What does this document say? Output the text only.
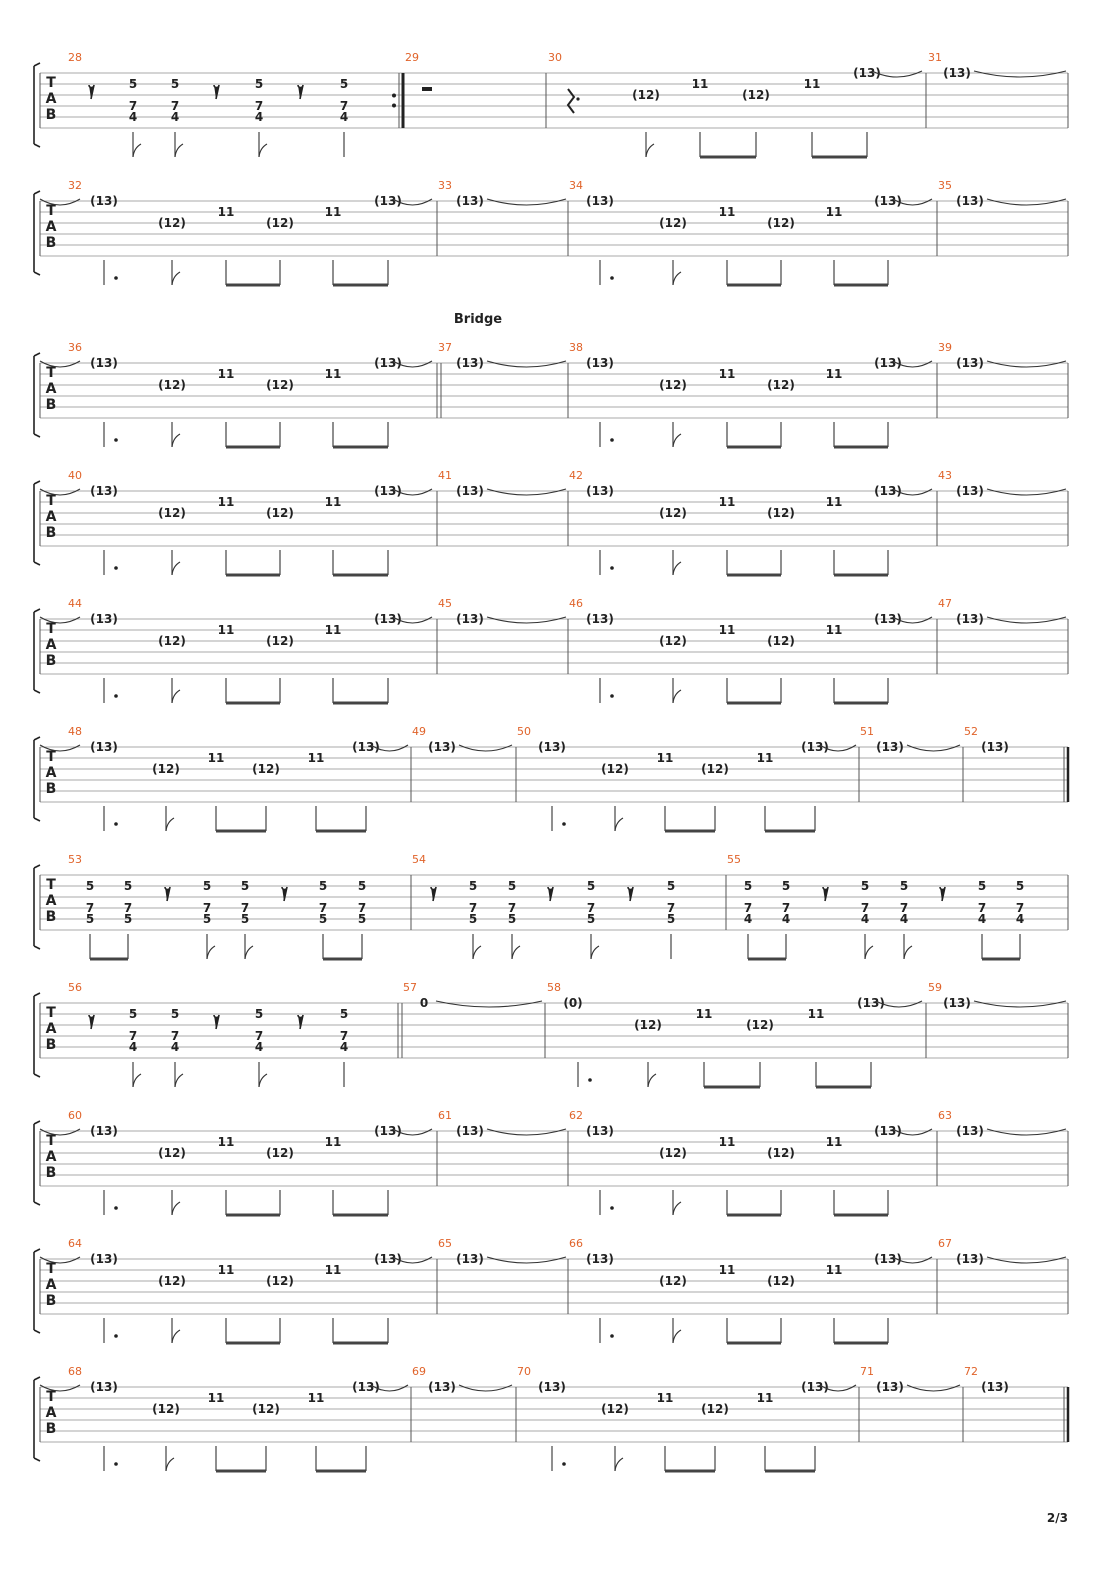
T
A
B
5
7
4
5
7
4
5
7
4
5
7
4
(12)
11
(12)
11
(13)	(13)
28	29	30	31
T
A
B
(13)
(12)
11
(12)
11
(13)	(13)	(13)
(12)
11
(12)
11
(13)	(13)
32	33	34	35
T
A
B
(13)
(12)
11
(12)
11
(13)	(13)	(13)
(12)
11
(12)
11
(13)	(13)
36	37	38	39
Bridge
T
A
B
(13)
(12)
11
(12)
11
(13)	(13)	(13)
(12)
11
(12)
11
(13)	(13)
40	41	42	43
T
A
B
(13)
(12)
11
(12)
11
(13)	(13)	(13)
(12)
11
(12)
11
(13)	(13)
44	45	46	47
T
A
B
(13)
(12)
11
(12)
11
(13)	(13)	(13)
(12)
11
(12)
11
(13)	(13)	(13)
48	49	50	51	52
T
A
B
5
7
5
5
7
5
5
7
5
5
7
5
5
7
5
5
7
5
5
7
5
5
7
5
5
7
5
5
7
5
5
7
4
5
7
4
5
7
4
5
7
4
5
7
4
5
7
4
53	54	55
T
A
B
5
7
4
5
7
4
5
7
4
5
7
4
0	(0)
(12)
11
(12)
11
(13)	(13)
56	57	58	59
T
A
B
(13)
(12)
11
(12)
11
(13)	(13)	(13)
(12)
11
(12)
11
(13)	(13)
60	61	62	63
T
A
B
(13)
(12)
11
(12)
11
(13)	(13)	(13)
(12)
11
(12)
11
(13)	(13)
64	65	66	67
T
A
B
(13)
(12)
11
(12)
11
(13)	(13)	(13)
(12)
11
(12)
11
(13)	(13)	(13)
68	69	70	71	72
2/3
